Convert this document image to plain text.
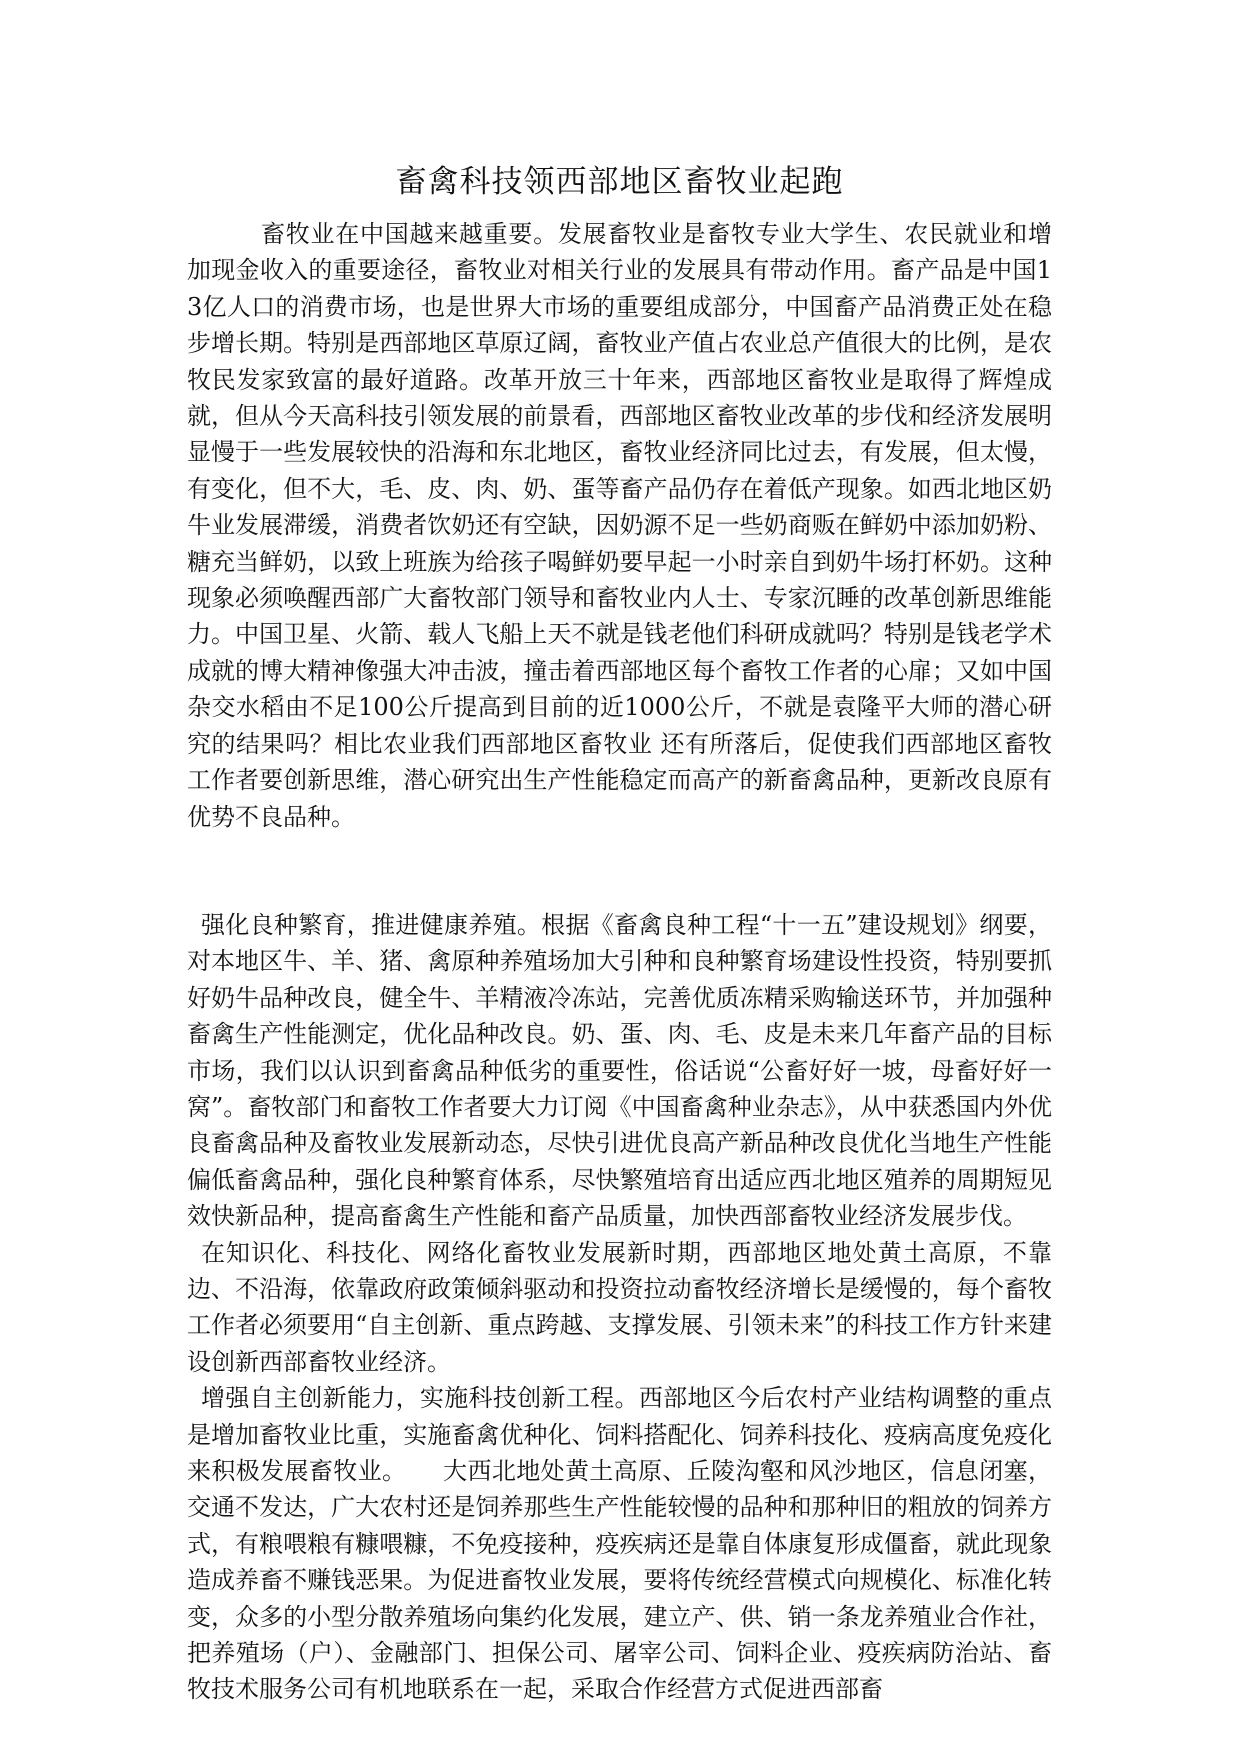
畜禽科技领西部地区畜牧业起跑

畜牧业在中国越来越重要。发展畜牧业是畜牧专业大学生、农民就业和增加现金收入的重要途径，畜牧业对相关行业的发展具有带动作用。畜产品是中国13亿人口的消费市场，也是世界大市场的重要组成部分，中国畜产品消费正处在稳步增长期。特别是西部地区草原辽阔，畜牧业产值占农业总产值很大的比例，是农牧民发家致富的最好道路。改革开放三十年来，西部地区畜牧业是取得了辉煌成就，但从今天高科技引领发展的前景看，西部地区畜牧业改革的步伐和经济发展明显慢于一些发展较快的沿海和东北地区，畜牧业经济同比过去，有发展，但太慢，有变化，但不大，毛、皮、肉、奶、蛋等畜产品仍存在着低产现象。如西北地区奶牛业发展滞缓，消费者饮奶还有空缺，因奶源不足一些奶商贩在鲜奶中添加奶粉、糖充当鲜奶，以致上班族为给孩子喝鲜奶要早起一小时亲自到奶牛场打杯奶。这种现象必须唤醒西部广大畜牧部门领导和畜牧业内人士、专家沉睡的改革创新思维能力。中国卫星、火箭、载人飞船上天不就是钱老他们科研成就吗？特别是钱老学术成就的博大精神像强大冲击波，撞击着西部地区每个畜牧工作者的心扉；又如中国杂交水稻由不足100公斤提高到目前的近1000公斤，不就是袁隆平大师的潜心研究的结果吗？相比农业我们西部地区畜牧业 还有所落后，促使我们西部地区畜牧工作者要创新思维，潜心研究出生产性能稳定而高产的新畜禽品种，更新改良原有优势不良品种。

强化良种繁育，推进健康养殖。根据《畜禽良种工程“十一五”建设规划》纲要，对本地区牛、羊、猪、禽原种养殖场加大引种和良种繁育场建设性投资，特别要抓好奶牛品种改良，健全牛、羊精液冷冻站，完善优质冻精采购输送环节，并加强种畜禽生产性能测定，优化品种改良。奶、蛋、肉、毛、皮是未来几年畜产品的目标市场，我们以认识到畜禽品种低劣的重要性，俗话说“公畜好好一坡，母畜好好一窝”。畜牧部门和畜牧工作者要大力订阅《中国畜禽种业杂志》，从中获悉国内外优良畜禽品种及畜牧业发展新动态，尽快引进优良高产新品种改良优化当地生产性能偏低畜禽品种，强化良种繁育体系，尽快繁殖培育出适应西北地区殖养的周期短见效快新品种，提高畜禽生产性能和畜产品质量，加快西部畜牧业经济发展步伐。

在知识化、科技化、网络化畜牧业发展新时期，西部地区地处黄土高原，不靠边、不沿海，依靠政府政策倾斜驱动和投资拉动畜牧经济增长是缓慢的，每个畜牧工作者必须要用“自主创新、重点跨越、支撑发展、引领未来”的科技工作方针来建设创新西部畜牧业经济。

增强自主创新能力，实施科技创新工程。西部地区今后农村产业结构调整的重点是增加畜牧业比重，实施畜禽优种化、饲料搭配化、饲养科技化、疫病高度免疫化来积极发展畜牧业。　　大西北地处黄土高原、丘陵沟壑和风沙地区，信息闭塞，交通不发达，广大农村还是饲养那些生产性能较慢的品种和那种旧的粗放的饲养方式，有粮喂粮有糠喂糠，不免疫接种，疫疾病还是靠自体康复形成僵畜，就此现象造成养畜不赚钱恶果。为促进畜牧业发展，要将传统经营模式向规模化、标准化转变，众多的小型分散养殖场向集约化发展，建立产、供、销一条龙养殖业合作社，把养殖场（户）、金融部门、担保公司、屠宰公司、饲料企业、疫疾病防治站、畜牧技术服务公司有机地联系在一起，采取合作经营方式促进西部畜
